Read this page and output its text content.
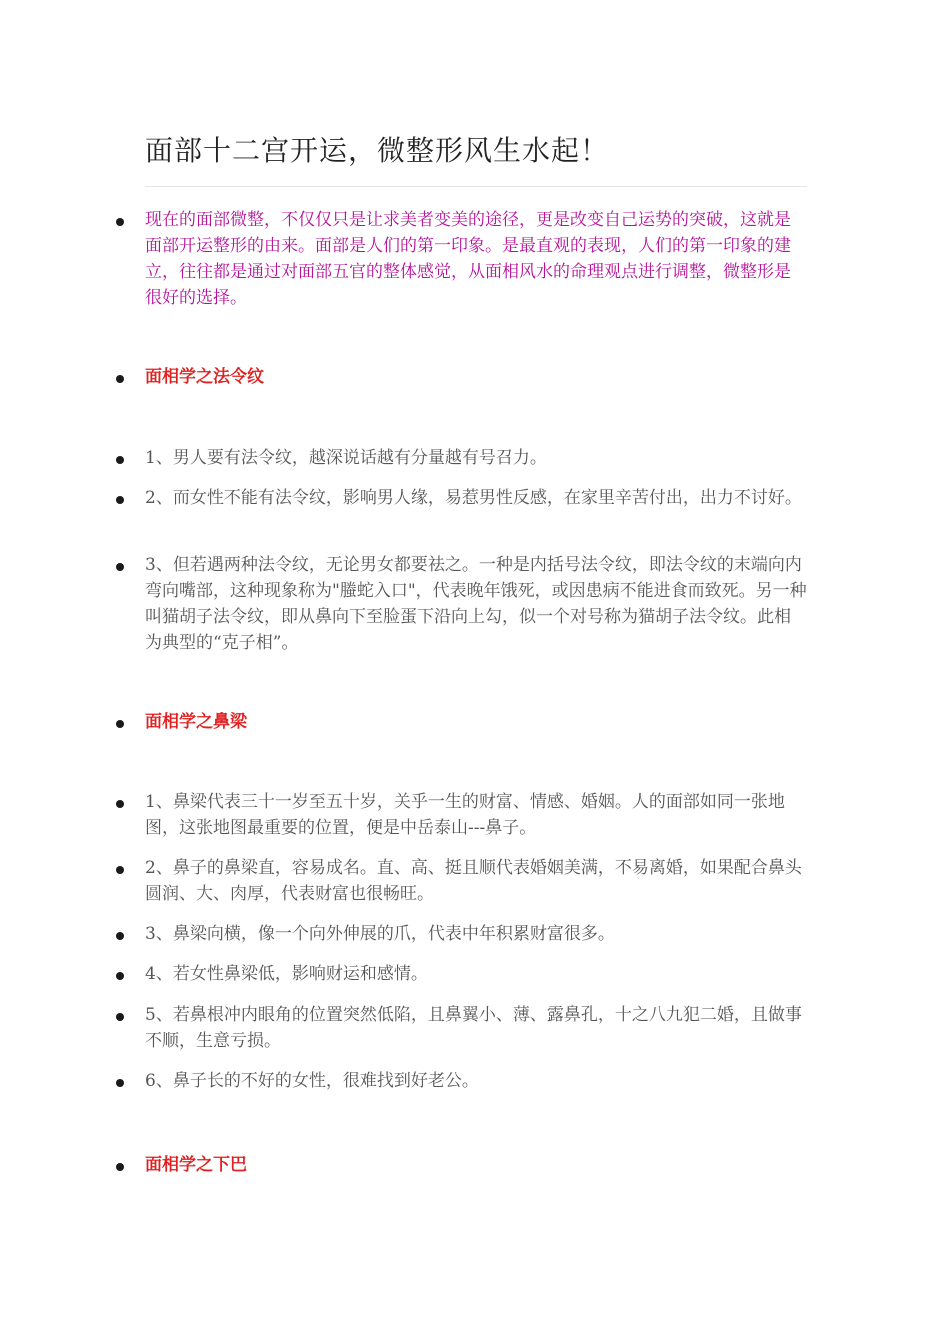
面部十二宫开运，微整形风生水起！

现在的面部微整，不仅仅只是让求美者变美的途径，更是改变自己运势的突破，这就是面部开运整形的由来。面部是人们的第一印象。是最直观的表现，人们的第一印象的建立，往往都是通过对面部五官的整体感觉，从面相风水的命理观点进行调整，微整形是很好的选择。

面相学之法令纹

1、男人要有法令纹，越深说话越有分量越有号召力。

2、而女性不能有法令纹，影响男人缘，易惹男性反感，在家里辛苦付出，出力不讨好。

3、但若遇两种法令纹，无论男女都要祛之。一种是内括号法令纹，即法令纹的末端向内弯向嘴部，这种现象称为"螣蛇入口"，代表晚年饿死，或因患病不能进食而致死。另一种叫猫胡子法令纹，即从鼻向下至脸蛋下沿向上勾，似一个对号称为猫胡子法令纹。此相为典型的“克子相”。

面相学之鼻梁

1、鼻梁代表三十一岁至五十岁，关乎一生的财富、情感、婚姻。人的面部如同一张地图，这张地图最重要的位置，便是中岳泰山---鼻子。

2、鼻子的鼻梁直，容易成名。直、高、挺且顺代表婚姻美满，不易离婚，如果配合鼻头圆润、大、肉厚，代表财富也很畅旺。

3、鼻梁向横，像一个向外伸展的爪，代表中年积累财富很多。

4、若女性鼻梁低，影响财运和感情。

5、若鼻根冲内眼角的位置突然低陷，且鼻翼小、薄、露鼻孔，十之八九犯二婚，且做事不顺，生意亏损。

6、鼻子长的不好的女性，很难找到好老公。

面相学之下巴
